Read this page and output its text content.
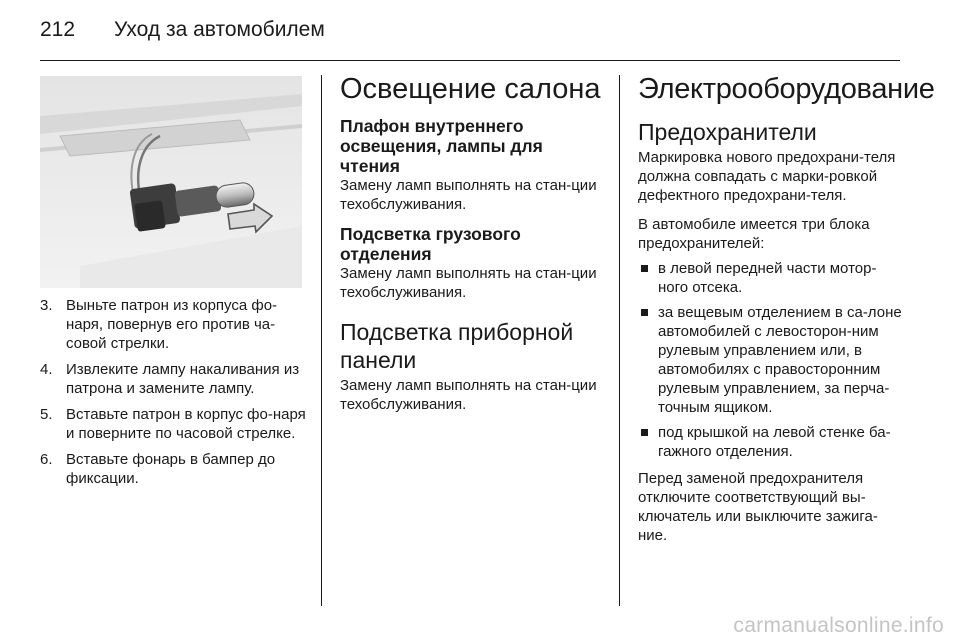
212	Уход за автомобилем
3. Выньте патрон из корпуса фо-наря, повернув его против ча-совой стрелки.
4. Извлеките лампу накаливания из патрона и замените лампу.
5. Вставьте патрон в корпус фо-наря и поверните по часовой стрелке.
6. Вставьте фонарь в бампер до фиксации.
Освещение салона
Плафон внутреннего освещения, лампы для чтения

Замену ламп выполнять на стан-ции техобслуживания.

Подсветка грузового отделения

Замену ламп выполнять на стан-ции техобслуживания.

Подсветка приборной панели

Замену ламп выполнять на стан-ции техобслуживания.

Электрооборудование
Предохранители

Маркировка нового предохрани-теля должна совпадать с марки-ровкой дефектного предохрани-теля.

В автомобиле имеется три блока предохранителей:

в левой передней части мотор-ного отсека.
за вещевым отделением в са-лоне автомобилей с левосторон-ним рулевым управлением или, в автомобилях с правосторонним рулевым управлением, за перча-точным ящиком.
под крышкой на левой стенке ба-гажного отделения.

Перед заменой предохранителя отключите соответствующий вы-ключатель или выключите зажига-ние.

carmanualsonline.info
